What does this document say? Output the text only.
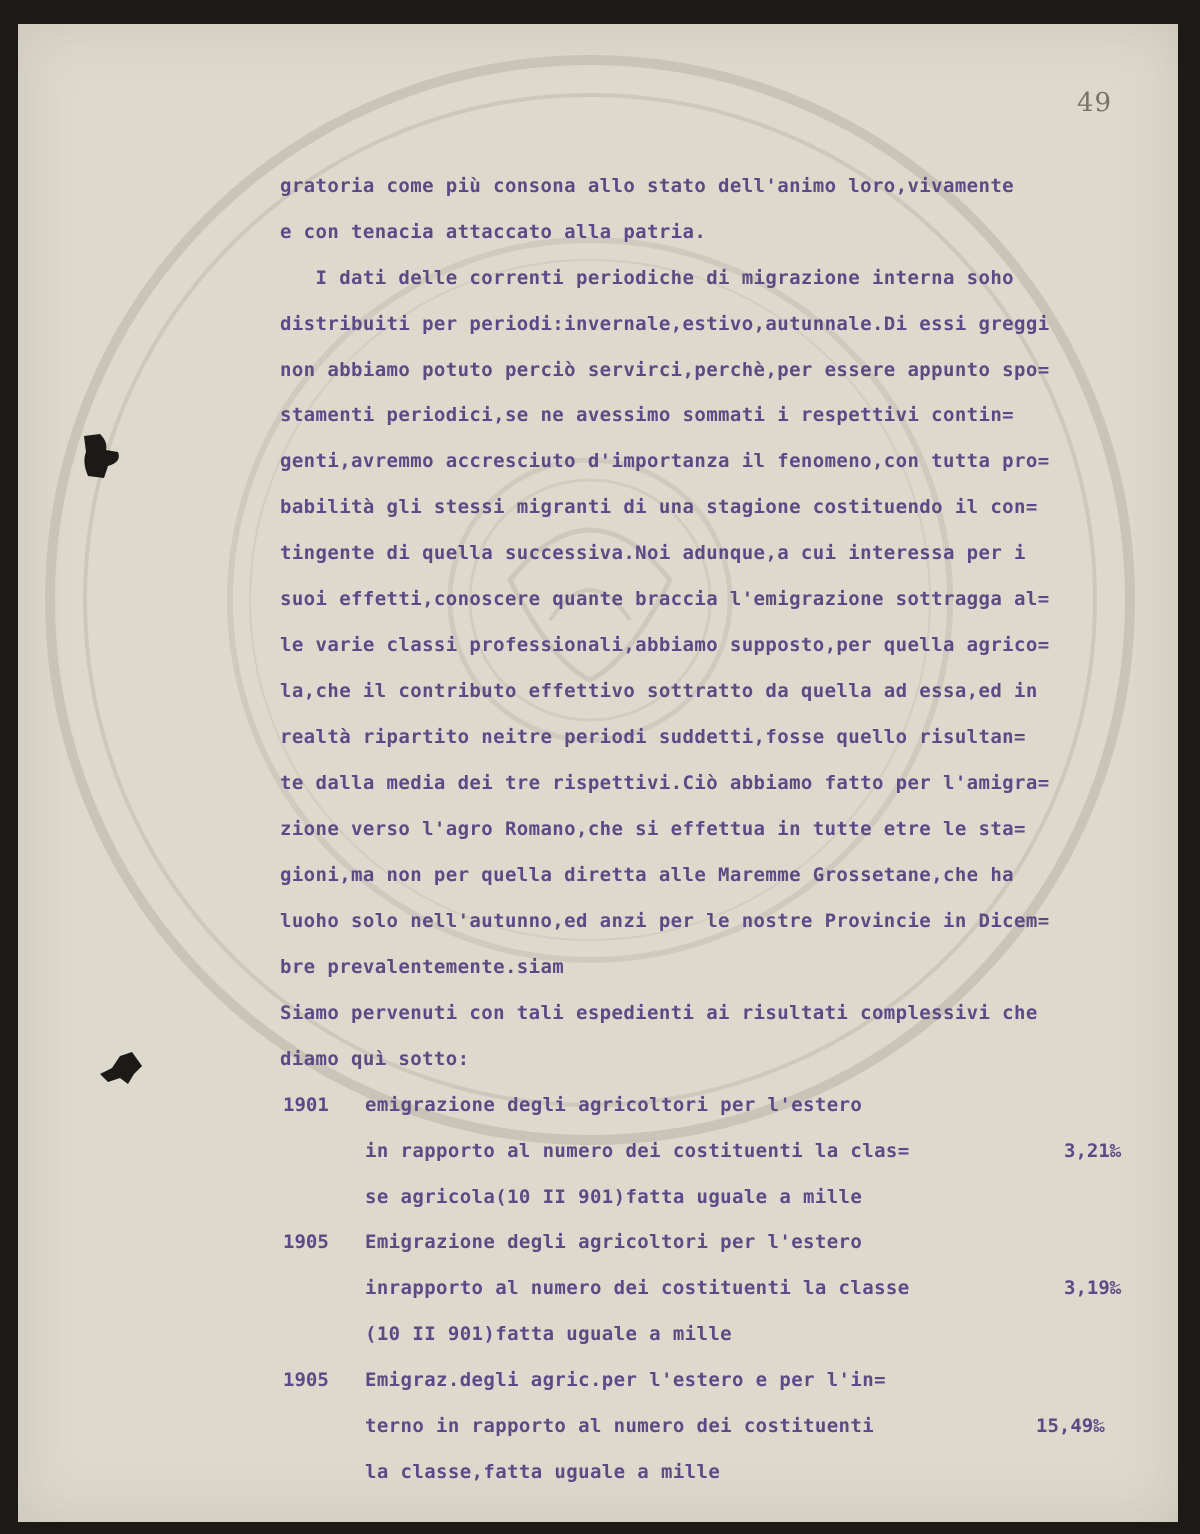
49
gratoria come più consona allo stato dell'animo loro,vivamente
e con tenacia attaccato alla patria.
I dati delle correnti periodiche di migrazione interna soho
distribuiti per periodi:invernale,estivo,autunnale.Di essi greggi
non abbiamo potuto perciò servirci,perchè,per essere appunto spo=
stamenti periodici,se ne avessimo sommati i respettivi contin=
genti,avremmo accresciuto d'importanza il fenomeno,con tutta pro=
babilità gli stessi migranti di una stagione costituendo il con=
tingente di quella successiva.Noi adunque,a cui interessa per i
suoi effetti,conoscere quante braccia l'emigrazione sottragga al=
le varie classi professionali,abbiamo supposto,per quella agrico=
la,che il contributo effettivo sottratto da quella ad essa,ed in
realtà ripartito neitre periodi suddetti,fosse quello risultan=
te dalla media dei tre rispettivi.Ciò abbiamo fatto per l'amigra=
zione verso l'agro Romano,che si effettua in tutte etre le sta=
gioni,ma non per quella diretta alle Maremme Grossetane,che ha
luoho solo nell'autunno,ed anzi per le nostre Provincie in Dicem=
bre prevalentemente.siam
Siamo pervenuti con tali espedienti ai risultati complessivi che
diamo quì sotto:
1901 emigrazione degli agricoltori per l'estero
in rapporto al numero dei costituenti la clas=
se agricola(10 II 901)fatta uguale a mille
3,21‰
1905 Emigrazione degli agricoltori per l'estero
inrapporto al numero dei costituenti la classe
(10 II 901)fatta uguale a mille
3,19‰
1905 Emigraz.degli agric.per l'estero e per l'in=
terno in rapporto al numero dei costituenti
la classe,fatta uguale a mille
15,49‰
